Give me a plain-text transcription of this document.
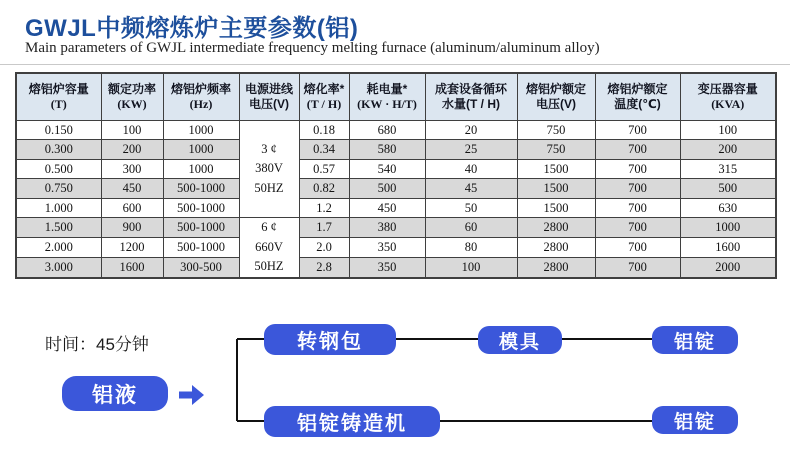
GWJL中频熔炼炉主要参数(铝)
Main parameters of GWJL intermediate frequency melting furnace (aluminum/aluminum alloy)
熔铝炉容量
(T)

额定功率
(KW)

熔铝炉频率
(Hz)

电源进线
电压(V)

熔化率*
(T / H)

耗电量*
(KW · H/T)

成套设备循环
水量(T / H)

熔铝炉额定
电压(V)

熔铝炉额定
温度(℃)

变压器容量
(KVA)

0.150	100	1000	3 ¢
380V
50HZ	0.18	680	20	750	700	100
0.300	200	1000		0.34	580	25	750	700	200
0.500	300	1000		0.57	540	40	1500	700	315
0.750	450	500-1000		0.82	500	45	1500	700	500
1.000	600	500-1000		1.2	450	50	1500	700	630
1.500	900	500-1000	6 ¢
660V
50HZ	1.7	380	60	2800	700	1000
2.000	1200	500-1000		2.0	350	80	2800	700	1600
3.000	1600	300-500		2.8	350	100	2800	700	2000
时间：45分钟
铝液
转钢包	模具	铝锭
铝锭铸造机	铝锭
